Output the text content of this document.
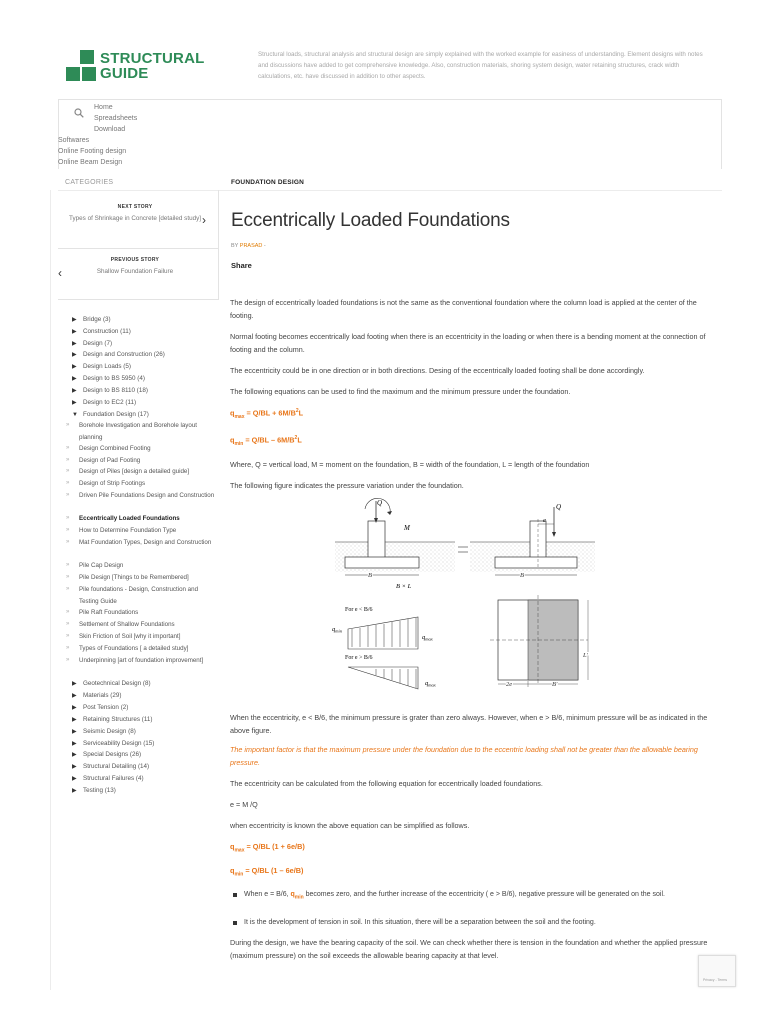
STRUCTURAL
GUIDE
Structural loads, structural analysis and structural design are simply explained with the worked example for easiness of understanding. Element designs with notes and discussions have added to get comprehensive knowledge. Also, construction materials, shoring system design, water retaining structures, crack width calculations, etc. have discussed in addition to other aspects.
Home
Spreadsheets
Download
Softwares
Online Footing design
Online Beam Design
CATEGORIES	FOUNDATION DESIGN
NEXT STORY
Types of Shrinkage in Concrete [detailed study] ›
PREVIOUS STORY
Shallow Foundation Failure
‹
▶ Bridge (3)
▶ Construction (11)
▶ Design (7)
▶ Design and Construction (26)
▶ Design Loads (5)
▶ Design to BS 5950 (4)
▶ Design to BS 8110 (18)
▶ Design to EC2 (11)
▼ Foundation Design (17)
»	Borehole Investigation and Borehole layout planning
»	Design Combined Footing
»	Design of Pad Footing
»	Design of Piles [design a detailed guide]
»	Design of Strip Footings
»	Driven Pile Foundations Design and Construction
»	Eccentrically Loaded Foundations
»	How to Determine Foundation Type
»	Mat Foundation Types, Design and Construction
»	Pile Cap Design
»	Pile Design [Things to be Remembered]
»	Pile foundations - Design, Construction and Testing Guide
»	Pile Raft Foundations
»	Settlement of Shallow Foundations
»	Skin Friction of Soil [why it important]
»	Types of Foundations [ a detailed study]
»	Underpinning [art of foundation improvement]
▶ Geotechnical Design (8)
▶ Materials (29)
▶ Post Tension (2)
▶ Retaining Structures (11)
▶ Seismic Design (8)
▶ Serviceability Design (15)
▶ Special Designs (26)
▶ Structural Detailing (14)
▶ Structural Failures (4)
▶ Testing (13)
Eccentrically Loaded Foundations
BY PRASAD -
Share
The design of eccentrically loaded foundations is not the same as the conventional foundation where the column load is applied at the center of the footing.
Normal footing becomes eccentrically load footing when there is an eccentricity in the loading or when there is a bending moment at the connection of footing and the column.
The eccentricity could be in one direction or in both directions. Desing of the eccentrically loaded footing shall be done accordingly.
The following equations can be used to find the maximum and the minimum pressure under the foundation.
$q_{max} = Q/BL + 6M/B^2L$
$q_{min} = Q/BL - 6M/B^2L$
Where, Q = vertical load, M = moment on the foundation, B = width of the foundation, L = length of the foundation
The following figure indicates the pressure variation under the foundation.
Q
M
B
B × L
Q
e
B
For e < B/6
$q_{min}$
$q_{max}$
For e > B/6
$q_{max}$
L'
2e	B'
When the eccentricity, e < B/6, the minimum pressure is grater than zero always. However, when e > B/6, minimum pressure will be as indicated in the above figure.
The important factor is that the maximum pressure under the foundation due to the eccentric loading shall not be greater than the allowable bearing pressure.
The eccentricity can be calculated from the following equation for eccentrically loaded foundations.
e = M /Q
when eccentricity is known the above equation can be simplified as follows.
$q_{max} = Q/BL$ (1 + 6e/B)
$q_{min} = Q/BL$ (1 – 6e/B)
When e = B/6, $q_{min}$ becomes zero, and the further increase of the eccentricity ( e > B/6), negative pressure will be generated on the soil.
It is the development of tension in soil. In this situation, there will be a separation between the soil and the footing.
During the design, we have the bearing capacity of the soil. We can check whether there is tension in the foundation and whether the applied pressure (maximum pressure) on the soil exceeds the allowable bearing capacity at that level.
Privacy - Terms
